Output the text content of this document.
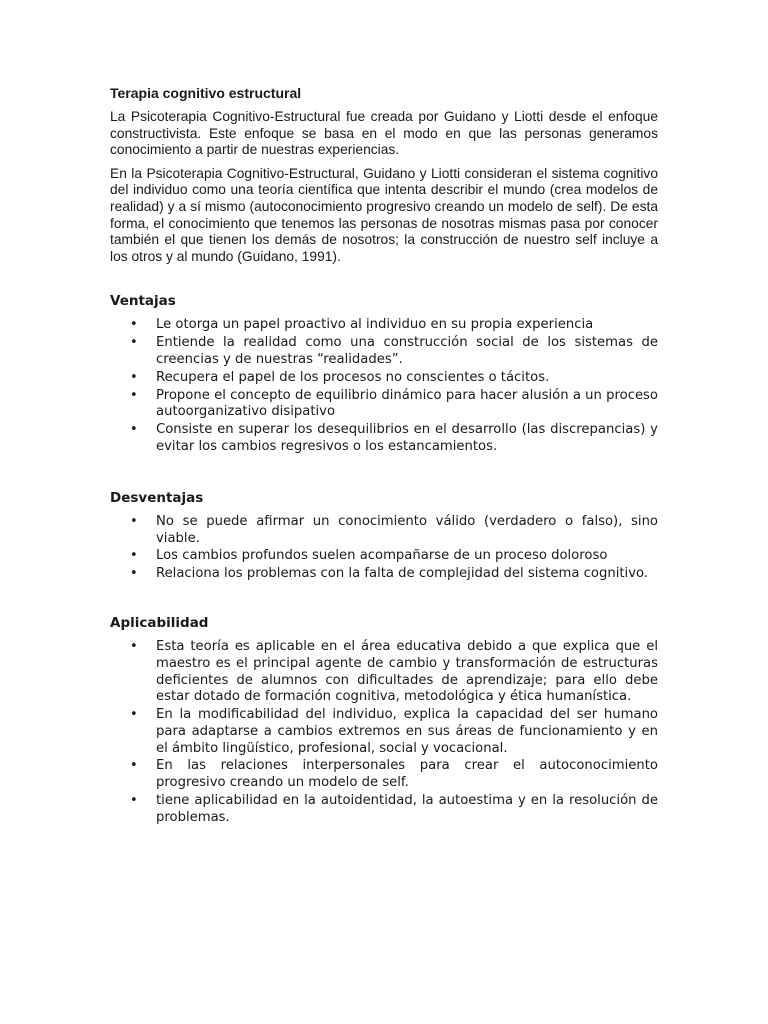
Terapia cognitivo estructural

La Psicoterapia Cognitivo-Estructural fue creada por Guidano y Liotti desde el enfoque constructivista. Este enfoque se basa en el modo en que las personas generamos conocimiento a partir de nuestras experiencias.

En la Psicoterapia Cognitivo-Estructural, Guidano y Liotti consideran el sistema cognitivo del individuo como una teoría científica que intenta describir el mundo (crea modelos de realidad) y a sí mismo (autoconocimiento progresivo creando un modelo de self). De esta forma, el conocimiento que tenemos las personas de nosotras mismas pasa por conocer también el que tienen los demás de nosotros; la construcción de nuestro self incluye a los otros y al mundo (Guidano, 1991).

Ventajas
• Le otorga un papel proactivo al individuo en su propia experiencia
• Entiende la realidad como una construcción social de los sistemas de creencias y de nuestras “realidades”.
• Recupera el papel de los procesos no conscientes o tácitos.
• Propone el concepto de equilibrio dinámico para hacer alusión a un proceso autoorganizativo disipativo
• Consiste en superar los desequilibrios en el desarrollo (las discrepancias) y evitar los cambios regresivos o los estancamientos.
Desventajas
• No se puede afirmar un conocimiento válido (verdadero o falso), sino viable.
• Los cambios profundos suelen acompañarse de un proceso doloroso
• Relaciona los problemas con la falta de complejidad del sistema cognitivo.
Aplicabilidad
• Esta teoría es aplicable en el área educativa debido a que explica que el maestro es el principal agente de cambio y transformación de estructuras deficientes de alumnos con dificultades de aprendizaje; para ello debe estar dotado de formación cognitiva, metodológica y ética humanística.
• En la modificabilidad del individuo, explica la capacidad del ser humano para adaptarse a cambios extremos en sus áreas de funcionamiento y en el ámbito lingüístico, profesional, social y vocacional.
• En las relaciones interpersonales para crear el autoconocimiento progresivo creando un modelo de self.
• tiene aplicabilidad en la autoidentidad, la autoestima y en la resolución de problemas.
